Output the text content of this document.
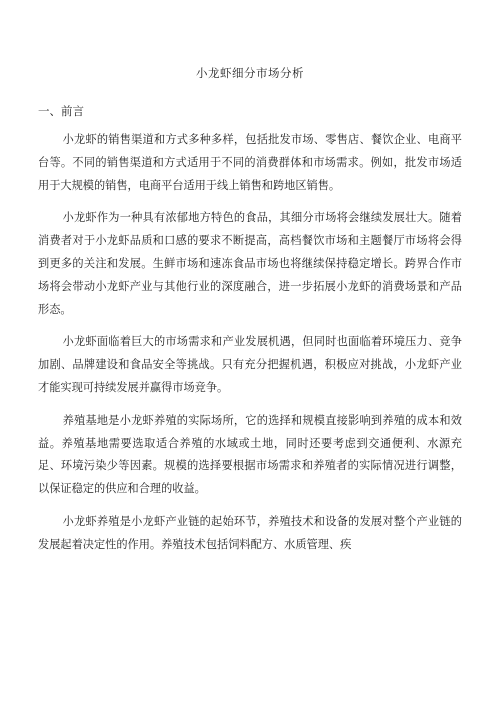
小龙虾细分市场分析
一、前言

小龙虾的销售渠道和方式多种多样，包括批发市场、零售店、餐饮企业、电商平台等。不同的销售渠道和方式适用于不同的消费群体和市场需求。例如，批发市场适用于大规模的销售，电商平台适用于线上销售和跨地区销售。

小龙虾作为一种具有浓郁地方特色的食品，其细分市场将会继续发展壮大。随着消费者对于小龙虾品质和口感的要求不断提高，高档餐饮市场和主题餐厅市场将会得到更多的关注和发展。生鲜市场和速冻食品市场也将继续保持稳定增长。跨界合作市场将会带动小龙虾产业与其他行业的深度融合，进一步拓展小龙虾的消费场景和产品形态。

小龙虾面临着巨大的市场需求和产业发展机遇，但同时也面临着环境压力、竞争加剧、品牌建设和食品安全等挑战。只有充分把握机遇，积极应对挑战，小龙虾产业才能实现可持续发展并赢得市场竞争。

养殖基地是小龙虾养殖的实际场所，它的选择和规模直接影响到养殖的成本和效益。养殖基地需要选取适合养殖的水域或土地，同时还要考虑到交通便利、水源充足、环境污染少等因素。规模的选择要根据市场需求和养殖者的实际情况进行调整，以保证稳定的供应和合理的收益。

小龙虾养殖是小龙虾产业链的起始环节，养殖技术和设备的发展对整个产业链的发展起着决定性的作用。养殖技术包括饲料配方、水质管理、疾
